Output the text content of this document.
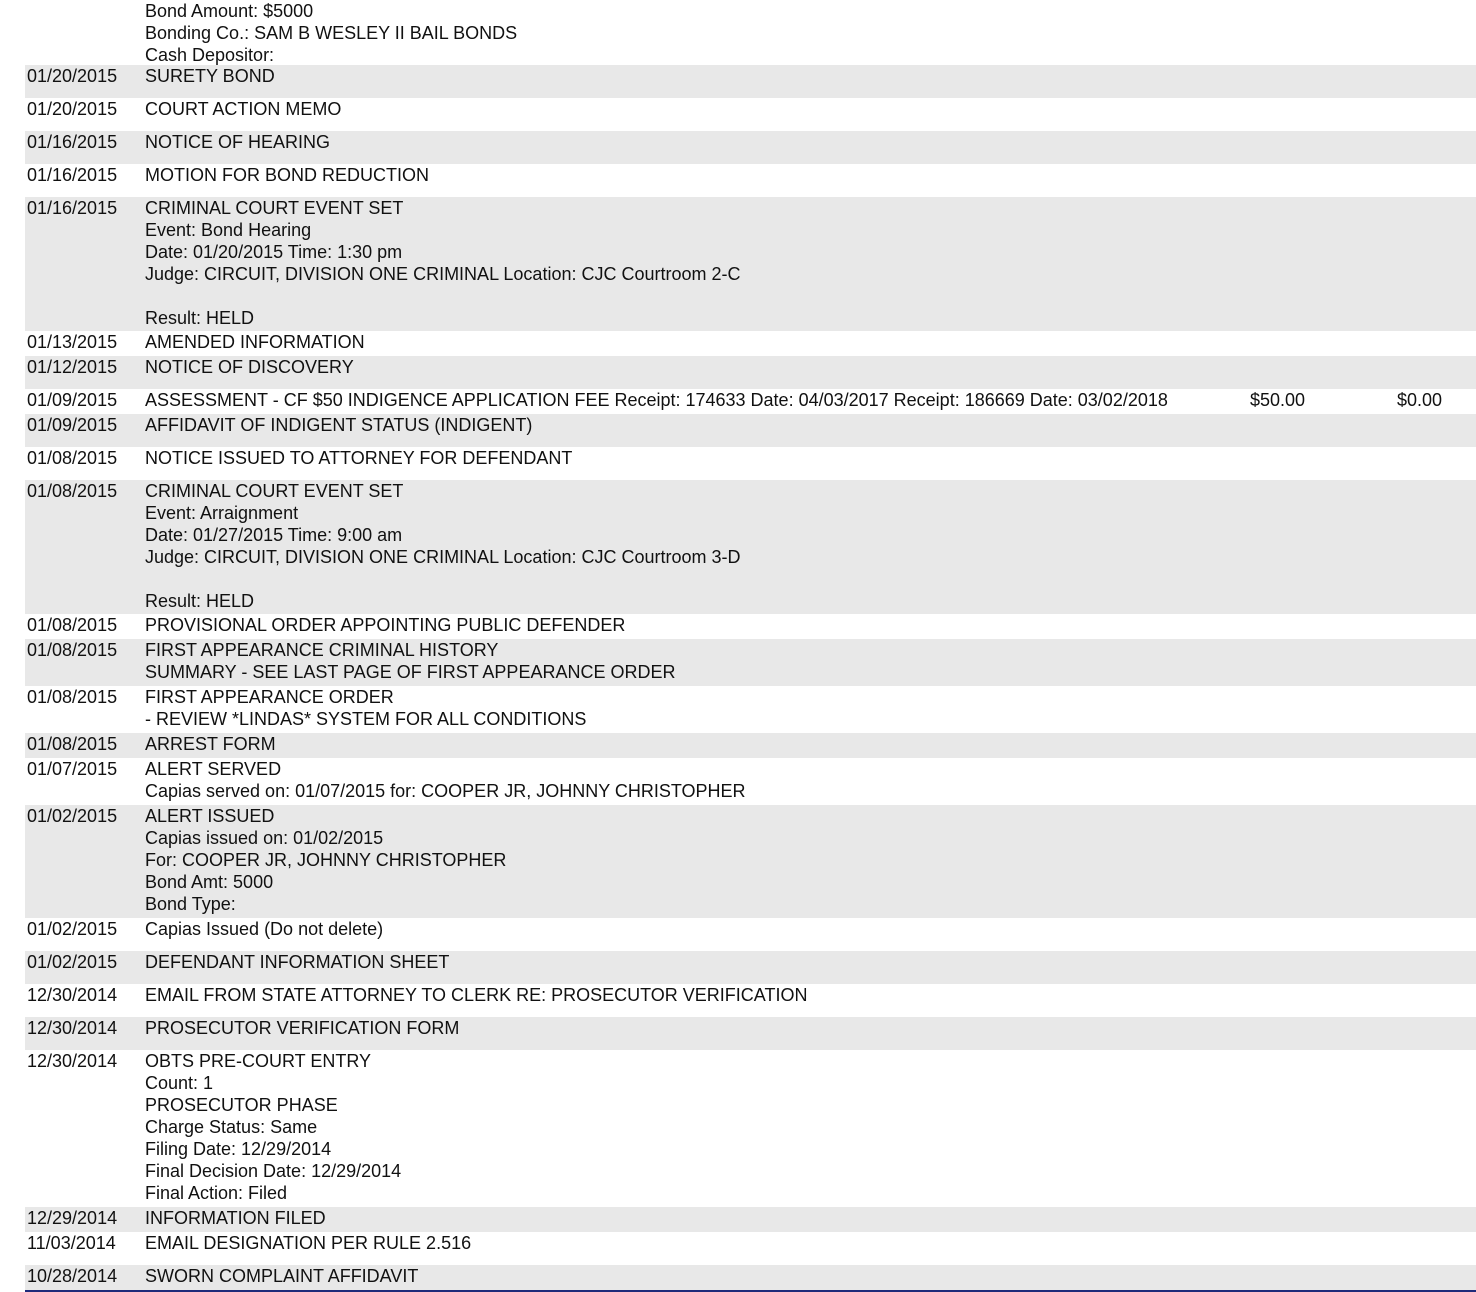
Bond Amount: $5000
Bonding Co.: SAM B WESLEY II BAIL BONDS
Cash Depositor:
01/20/2015 SURETY BOND
01/20/2015 COURT ACTION MEMO
01/16/2015 NOTICE OF HEARING
01/16/2015 MOTION FOR BOND REDUCTION
01/16/2015 CRIMINAL COURT EVENT SET
Event: Bond Hearing
Date: 01/20/2015 Time: 1:30 pm
Judge: CIRCUIT, DIVISION ONE CRIMINAL Location: CJC Courtroom 2-C
Result: HELD
01/13/2015 AMENDED INFORMATION
01/12/2015 NOTICE OF DISCOVERY
01/09/2015 ASSESSMENT - CF $50 INDIGENCE APPLICATION FEE Receipt: 174633 Date: 04/03/2017 Receipt: 186669 Date: 03/02/2018	$50.00	$0.00
01/09/2015 AFFIDAVIT OF INDIGENT STATUS (INDIGENT)
01/08/2015 NOTICE ISSUED TO ATTORNEY FOR DEFENDANT
01/08/2015 CRIMINAL COURT EVENT SET
Event: Arraignment
Date: 01/27/2015 Time: 9:00 am
Judge: CIRCUIT, DIVISION ONE CRIMINAL Location: CJC Courtroom 3-D
Result: HELD
01/08/2015 PROVISIONAL ORDER APPOINTING PUBLIC DEFENDER
01/08/2015 FIRST APPEARANCE CRIMINAL HISTORY
SUMMARY - SEE LAST PAGE OF FIRST APPEARANCE ORDER
01/08/2015 FIRST APPEARANCE ORDER
- REVIEW *LINDAS* SYSTEM FOR ALL CONDITIONS
01/08/2015 ARREST FORM
01/07/2015 ALERT SERVED
Capias served on: 01/07/2015 for: COOPER JR, JOHNNY CHRISTOPHER
01/02/2015 ALERT ISSUED
Capias issued on: 01/02/2015
For: COOPER JR, JOHNNY CHRISTOPHER
Bond Amt: 5000
Bond Type:
01/02/2015 Capias Issued (Do not delete)
01/02/2015 DEFENDANT INFORMATION SHEET
12/30/2014 EMAIL FROM STATE ATTORNEY TO CLERK RE: PROSECUTOR VERIFICATION
12/30/2014 PROSECUTOR VERIFICATION FORM
12/30/2014 OBTS PRE-COURT ENTRY
Count: 1
PROSECUTOR PHASE
Charge Status: Same
Filing Date: 12/29/2014
Final Decision Date: 12/29/2014
Final Action: Filed
12/29/2014 INFORMATION FILED
11/03/2014 EMAIL DESIGNATION PER RULE 2.516
10/28/2014 SWORN COMPLAINT AFFIDAVIT
